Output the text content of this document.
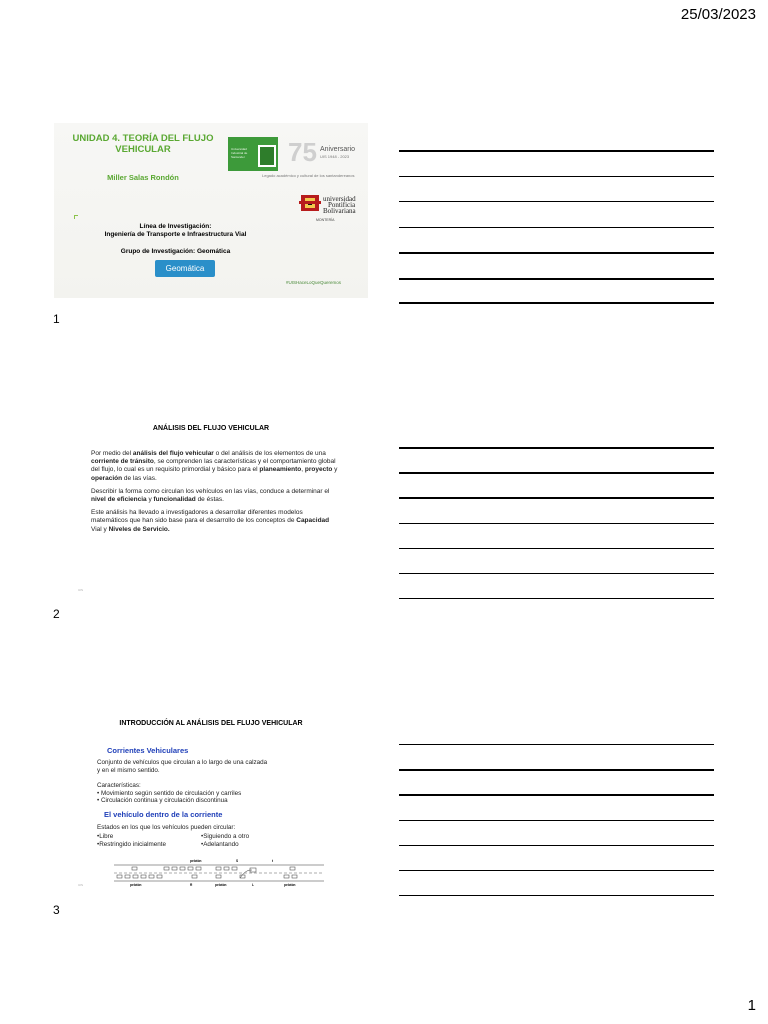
25/03/2023
UNIDAD 4. TEORÍA DEL FLUJO
VEHICULAR
Miller Salas Rondón
Universidad Industrial de Santander	75 Aniversario
UIS 1948 - 2023
Legado académico y cultural de los santandereanos
universidad
Pontificia
Bolivariana
MONTERÍA
Línea de Investigación:
Ingeniería de Transporte e Infraestructura Vial
Grupo de Investigación: Geomática
Geomática
#UISHaceLoQueQueremos
1
ANÁLISIS DEL FLUJO VEHICULAR

Por medio del análisis del flujo vehicular o del análisis de los elementos de una corriente de tránsito, se comprenden las características y el comportamiento global del flujo, lo cual es un requisito primordial y básico para el planeamiento, proyecto y operación de las vías.

Describir la forma como circulan los vehículos en las vías, conduce a determinar el nivel de eficiencia y funcionalidad de éstas.

Este análisis ha llevado a investigadores a desarrollar diferentes modelos matemáticos que han sido base para el desarrollo de los conceptos de Capacidad Vial y Niveles de Servicio.

UIS
2
INTRODUCCIÓN AL ANÁLISIS DEL FLUJO VEHICULAR
Corrientes Vehiculares
Conjunto de vehículos que circulan a lo largo de una calzada
y en el mismo sentido.
Características:
• Movimiento según sentido de circulación y carriles
• Circulación continua y circulación discontinua
El vehículo dentro de la corriente
Estados en los que los vehículos pueden circular:
•Libre	•Siguiendo a otro
•Restringido inicialmente	•Adelantando
pelotón	S	t
pelotón	R	pelotón	L	pelotón
UIS
3
1
